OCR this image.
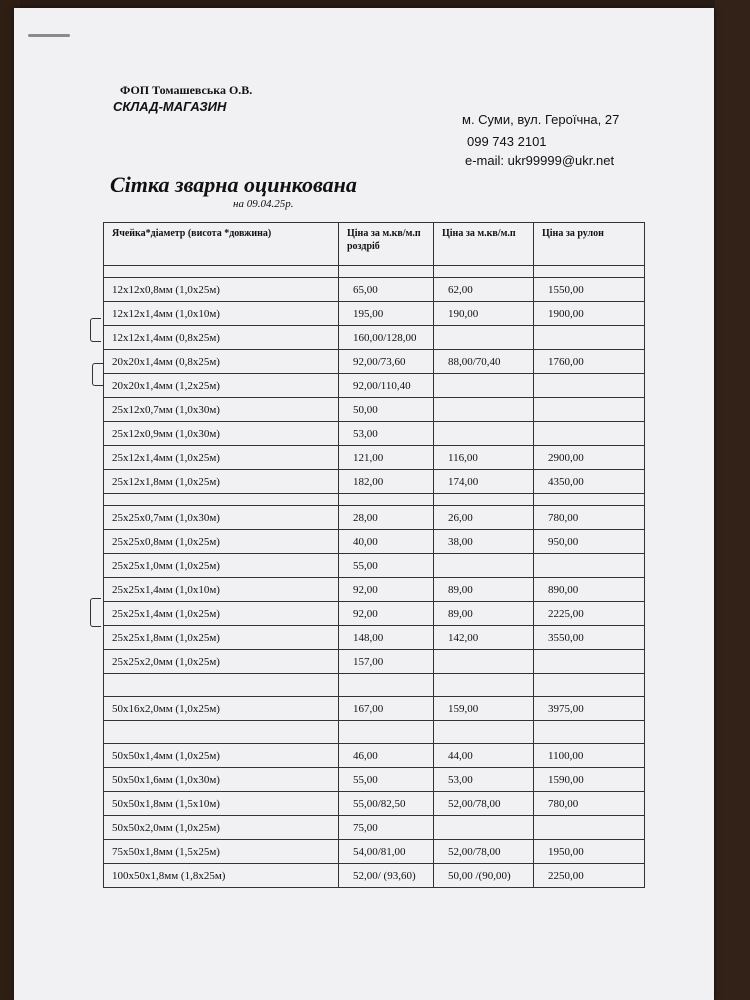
ФОП Томашевська О.В.
СКЛАД-МАГАЗИН
м. Суми, вул. Героїчна, 27
099 743 2101
e-mail: ukr99999@ukr.net
Сітка зварна оцинкована
на 09.04.25р.
Ячейка*діаметр (висота *довжина)	Ціна за м.кв/м.п роздріб	Ціна за м.кв/м.п	Ціна за рулон

12x12x0,8мм (1,0x25м)	65,00	62,00	1550,00
12x12x1,4мм (1,0x10м)	195,00	190,00	1900,00
12x12x1,4мм (0,8x25м)	160,00/128,00		
20x20x1,4мм (0,8x25м)	92,00/73,60	88,00/70,40	1760,00
20x20x1,4мм (1,2x25м)	92,00/110,40		
25x12x0,7мм (1,0x30м)	50,00		
25x12x0,9мм (1,0x30м)	53,00		
25x12x1,4мм (1,0x25м)	121,00	116,00	2900,00
25x12x1,8мм (1,0x25м)	182,00	174,00	4350,00

25x25x0,7мм (1,0x30м)	28,00	26,00	780,00
25x25x0,8мм (1,0x25м)	40,00	38,00	950,00
25x25x1,0мм (1,0x25м)	55,00		
25x25x1,4мм (1,0x10м)	92,00	89,00	890,00
25x25x1,4мм (1,0x25м)	92,00	89,00	2225,00
25x25x1,8мм (1,0x25м)	148,00	142,00	3550,00
25x25x2,0мм (1,0x25м)	157,00		

50x16x2,0мм (1,0x25м)	167,00	159,00	3975,00

50x50x1,4мм (1,0x25м)	46,00	44,00	1100,00
50x50x1,6мм (1,0x30м)	55,00	53,00	1590,00
50x50x1,8мм (1,5x10м)	55,00/82,50	52,00/78,00	780,00
50x50x2,0мм (1,0x25м)	75,00		
75x50x1,8мм (1,5x25м)	54,00/81,00	52,00/78,00	1950,00
100x50x1,8мм (1,8x25м)	52,00/ (93,60)	50,00 /(90,00)	2250,00
